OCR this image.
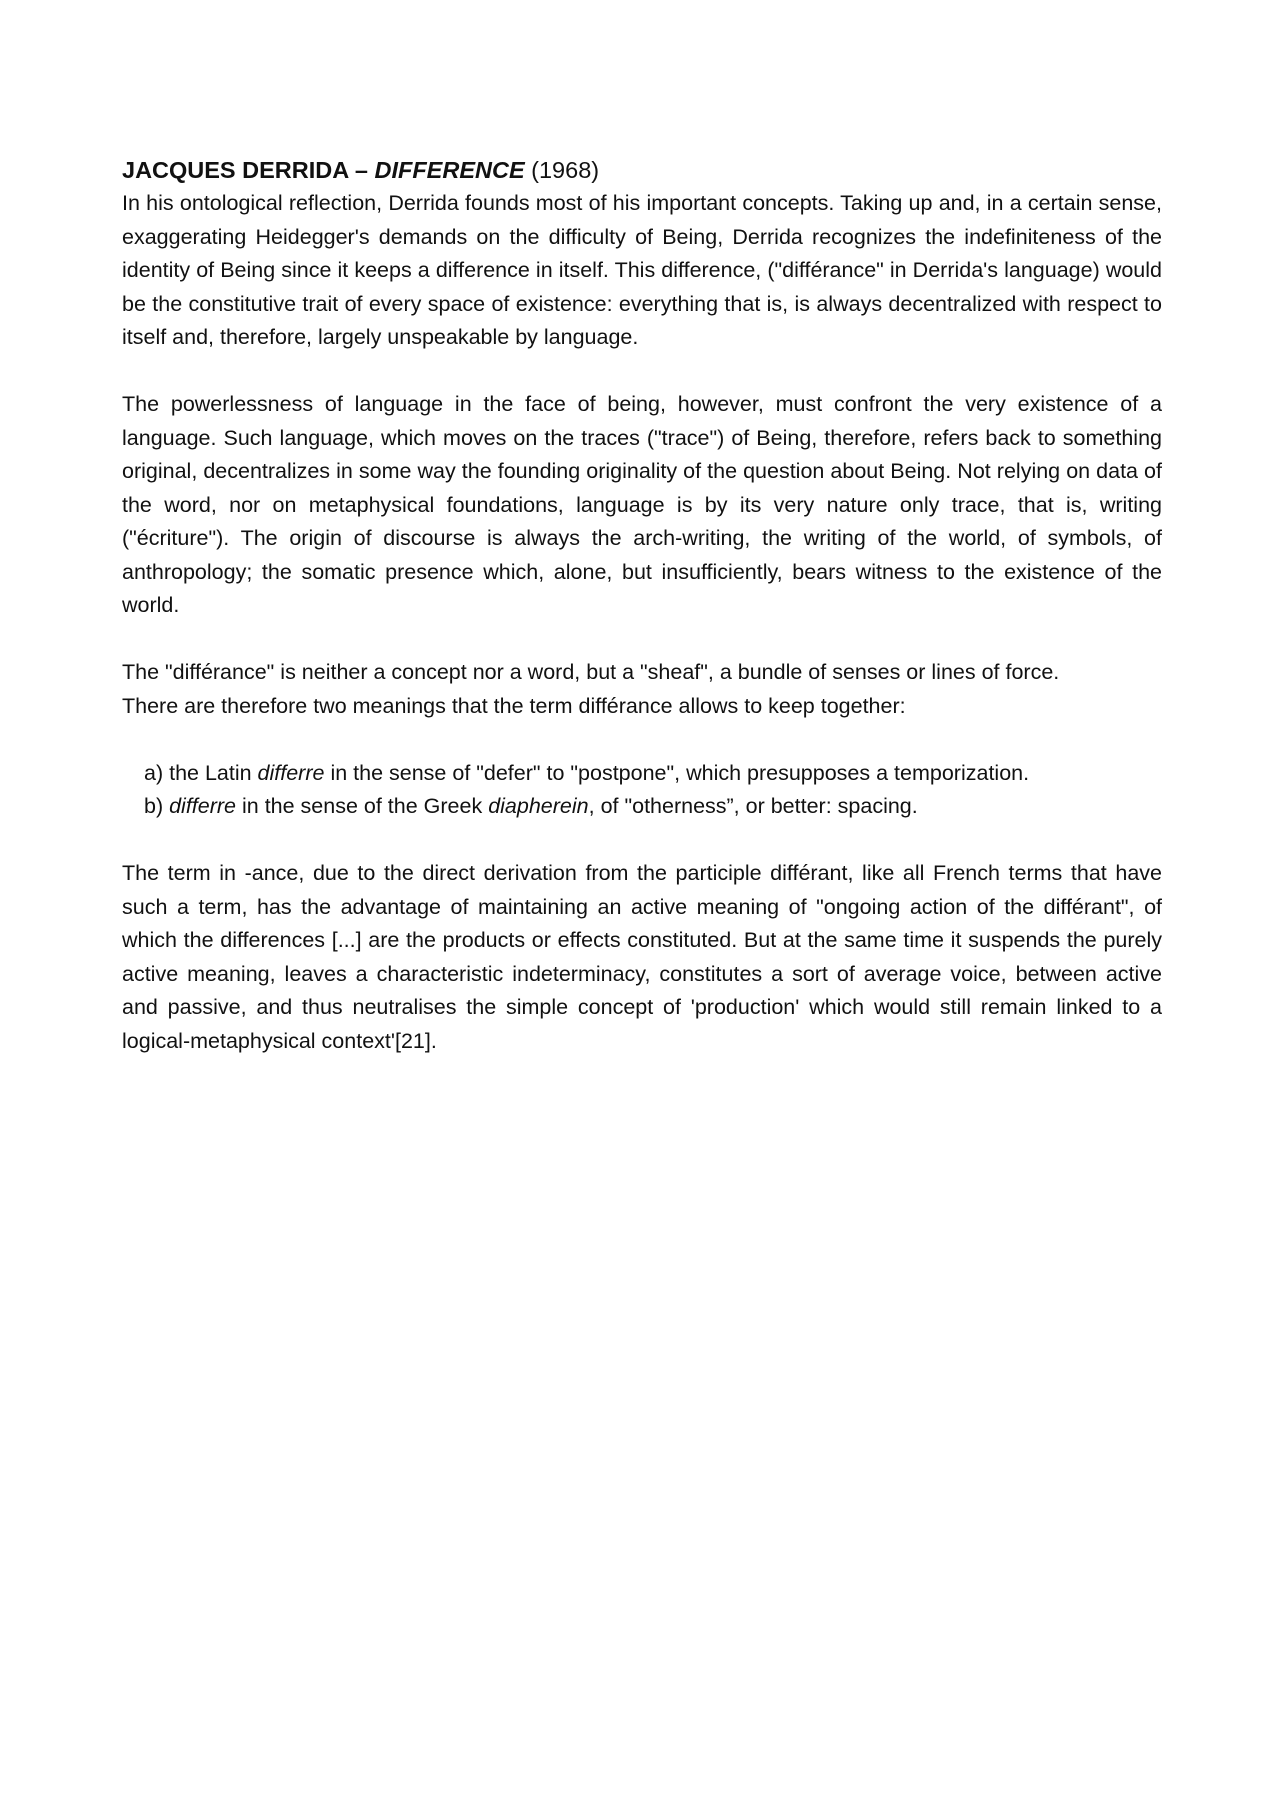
JACQUES DERRIDA – DIFFERENCE (1968)

In his ontological reflection, Derrida founds most of his important concepts. Taking up and, in a certain sense, exaggerating Heidegger's demands on the difficulty of Being, Derrida recognizes the indefiniteness of the identity of Being since it keeps a difference in itself. This difference, ("différance" in Derrida's language) would be the constitutive trait of every space of existence: everything that is, is always decentralized with respect to itself and, therefore, largely unspeakable by language.

The powerlessness of language in the face of being, however, must confront the very existence of a language. Such language, which moves on the traces ("trace") of Being, therefore, refers back to something original, decentralizes in some way the founding originality of the question about Being. Not relying on data of the word, nor on metaphysical foundations, language is by its very nature only trace, that is, writing ("écriture"). The origin of discourse is always the arch-writing, the writing of the world, of symbols, of anthropology; the somatic presence which, alone, but insufficiently, bears witness to the existence of the world.

The "différance" is neither a concept nor a word, but a "sheaf", a bundle of senses or lines of force.
There are therefore two meanings that the term différance allows to keep together:

a) the Latin differre in the sense of "defer" to "postpone", which presupposes a temporization.
b) differre in the sense of the Greek diapherein, of "otherness”, or better: spacing.

The term in -ance, due to the direct derivation from the participle différant, like all French terms that have such a term, has the advantage of maintaining an active meaning of "ongoing action of the différant", of which the differences [...] are the products or effects constituted. But at the same time it suspends the purely active meaning, leaves a characteristic indeterminacy, constitutes a sort of average voice, between active and passive, and thus neutralises the simple concept of 'production' which would still remain linked to a logical-metaphysical context'[21].
